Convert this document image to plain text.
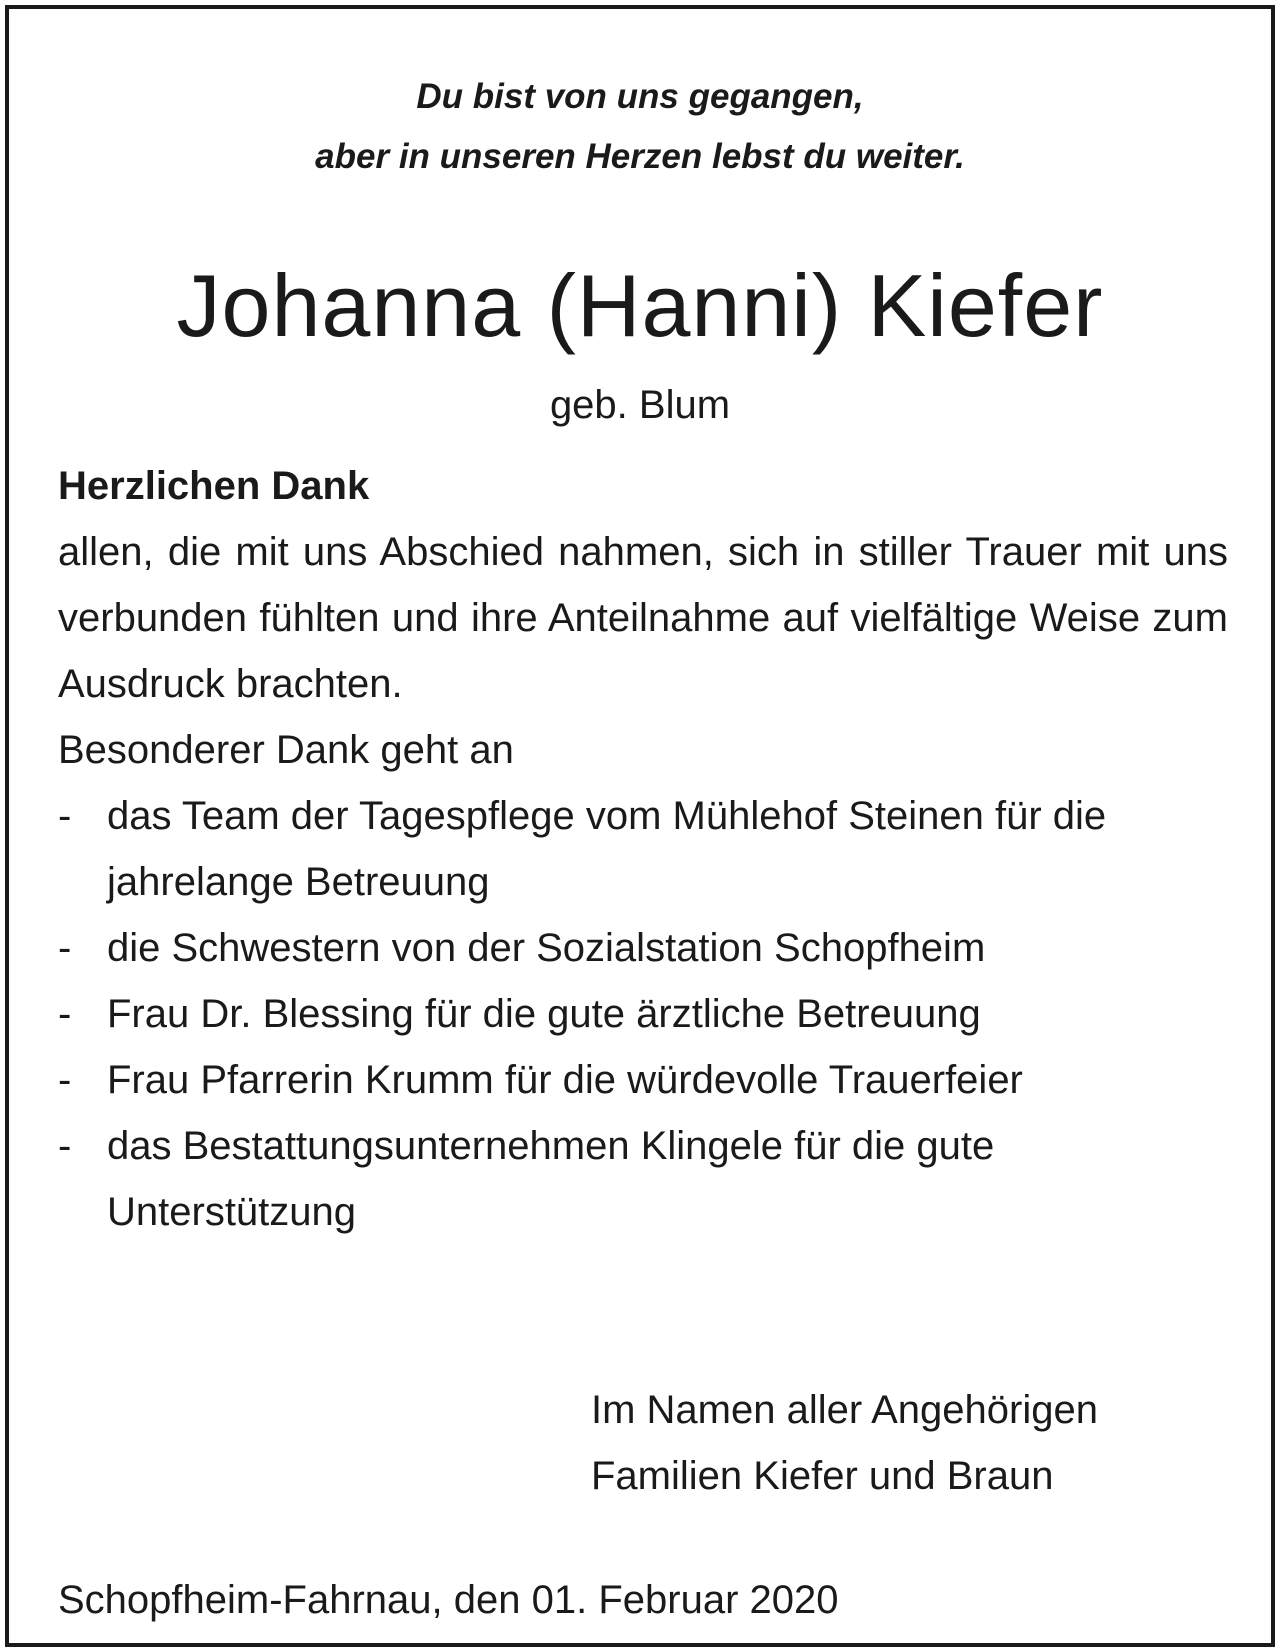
Du bist von uns gegangen,
aber in unseren Herzen lebst du weiter.
Johanna (Hanni) Kiefer
geb. Blum

Herzlichen Dank

allen, die mit uns Abschied nahmen, sich in stiller Trauer mit uns verbunden fühlten und ihre Anteilnahme auf vielfältige Weise zum Ausdruck brachten.

Besonderer Dank geht an

- das Team der Tagespflege vom Mühlehof Steinen für die jahrelange Betreuung
- die Schwestern von der Sozialstation Schopfheim
- Frau Dr. Blessing für die gute ärztliche Betreuung
- Frau Pfarrerin Krumm für die würdevolle Trauerfeier
- das Bestattungsunternehmen Klingele für die gute Unterstützung
Im Namen aller Angehörigen
Familien Kiefer und Braun
Schopfheim-Fahrnau, den 01. Februar 2020
